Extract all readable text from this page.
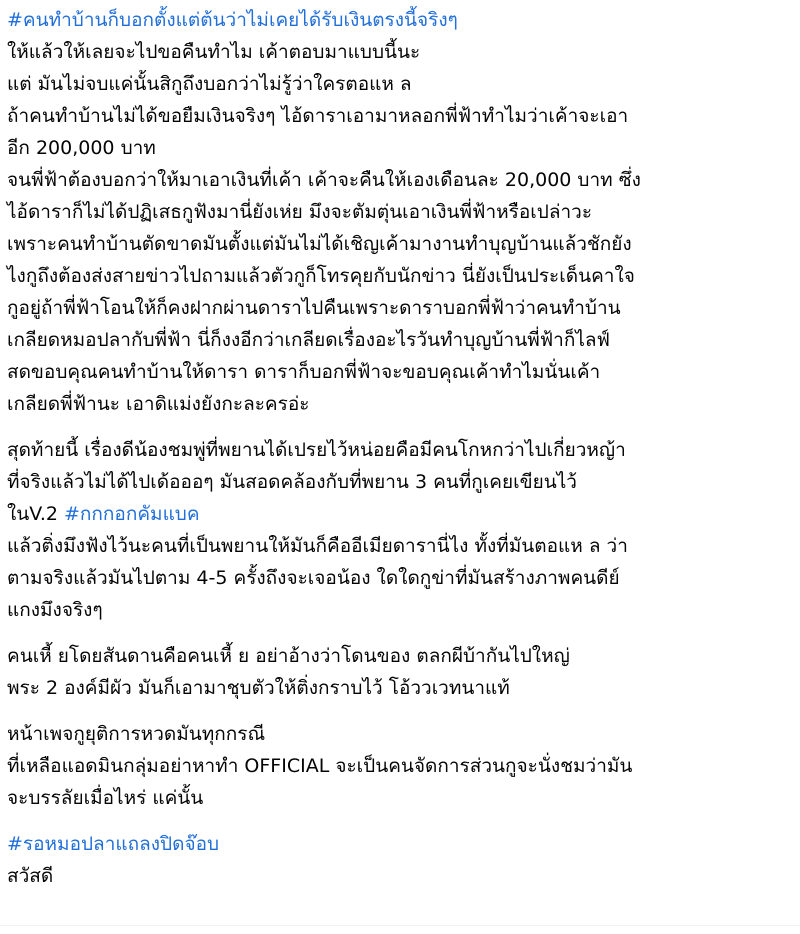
#คนทำบ้านก็บอกตั้งแต่ต้นว่าไม่เคยได้รับเงินตรงนี้จริงๆ
ให้แล้วให้เลยจะไปขอคืนทำไม เค้าตอบมาแบบนี้นะ
แต่ มันไม่จบแค่นั้นสิกูถึงบอกว่าไม่รู้ว่าใครตอแห ล
ถ้าคนทำบ้านไม่ได้ขอยืมเงินจริงๆ ไอ้ดาราเอามาหลอกพี่ฟ้าทำไมว่าเค้าจะเอา
อีก 200,000 บาท
จนพี่ฟ้าต้องบอกว่าให้มาเอาเงินที่เค้า เค้าจะคืนให้เองเดือนละ 20,000 บาท ซึ่ง
ไอ้ดาราก็ไม่ได้ปฏิเสธกูฟังมานี่ยังเห่ย มึงจะตัมตุ่นเอาเงินพี่ฟ้าหรือเปล่าวะ
เพราะคนทำบ้านตัดขาดมันตั้งแต่มันไม่ได้เชิญเค้ามางานทำบุญบ้านแล้วชักยัง
ไงกูถึงต้องส่งสายข่าวไปถามแล้วตัวกูก็โทรคุยกับนักข่าว นี่ยังเป็นประเด็นคาใจ
กูอยู่ถ้าพี่ฟ้าโอนให้ก็คงฝากผ่านดาราไปคืนเพราะดาราบอกพี่ฟ้าว่าคนทำบ้าน
เกลียดหมอปลากับพี่ฟ้า นี่ก็งงอีกว่าเกลียดเรื่องอะไรวันทำบุญบ้านพี่ฟ้าก็ไลฟ์
สดขอบคุณคนทำบ้านให้ดารา ดาราก็บอกพี่ฟ้าจะขอบคุณเค้าทำไมนั่นเค้า
เกลียดพี่ฟ้านะ เอาดิแม่งยังกะละครอ่ะ
สุดท้ายนี้ เรื่องดีน้องชมพู่ที่พยานได้เปรยไว้หน่อยคือมีคนโกหกว่าไปเกี่ยวหญ้า
ที่จริงแล้วไม่ได้ไปเด้อออๆ มันสอดคล้องกับที่พยาน 3 คนที่กูเคยเขียนไว้
ในV.2 #กกกอกคัมแบค
แล้วติ่งมึงฟังไว้นะคนที่เป็นพยานให้มันก็คืออีเมียดารานี่ไง ทั้งที่มันตอแห ล ว่า
ตามจริงแล้วมันไปตาม 4-5 ครั้งถึงจะเจอน้อง ใดใดกูข่าที่มันสร้างภาพคนดีย์
แกงมึงจริงๆ
คนเหี้ ยโดยสันดานคือคนเหี้ ย อย่าอ้างว่าโดนของ ตลกผีบ้ากันไปใหญ่
พระ 2 องค์มีผัว มันก็เอามาชุบตัวให้ติ่งกราบไว้ โอ้ววเวทนาแท้
หน้าเพจกูยุติการหวดมันทุกกรณี
ที่เหลือแอดมินกลุ่มอย่าหาทำ OFFICIAL จะเป็นคนจัดการส่วนกูจะนั่งชมว่ามัน
จะบรรลัยเมื่อไหร่ แค่นั้น
#รอหมอปลาแถลงปิดจ๊อบ
สวัสดี
